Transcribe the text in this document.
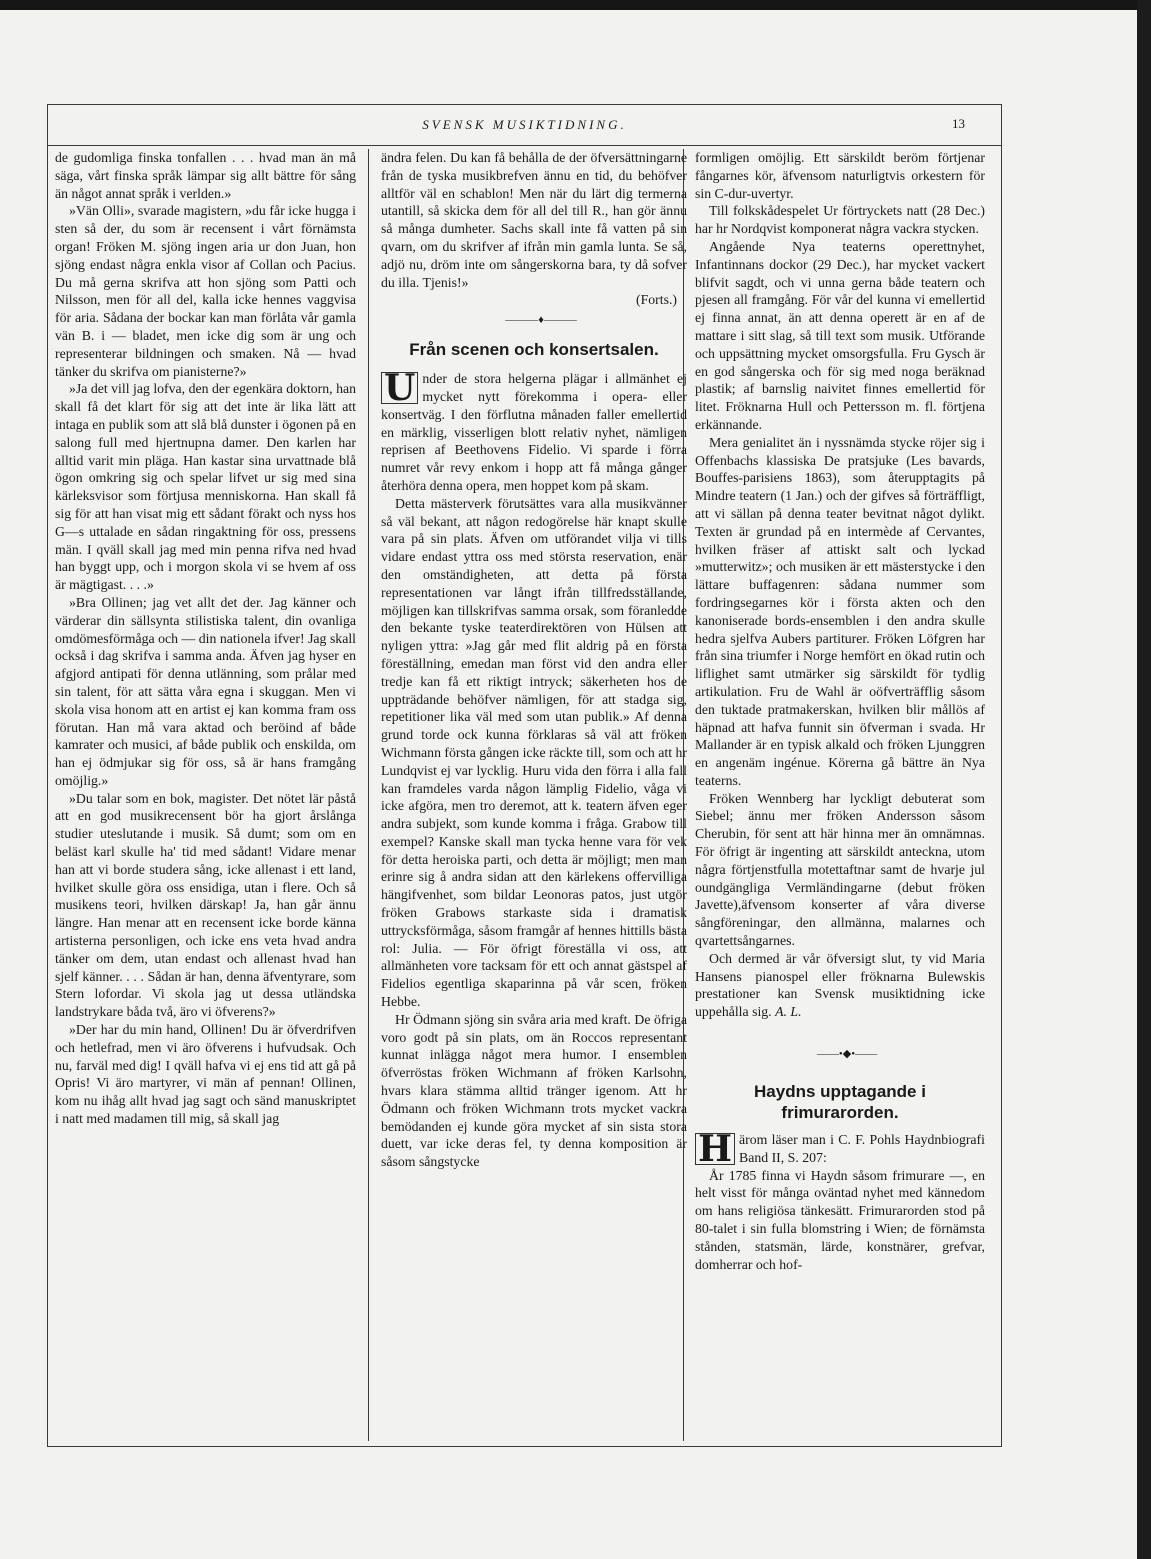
SVENSK MUSIKTIDNING.	13

de gudomliga finska tonfallen . . . hvad man än må säga, vårt finska språk lämpar sig allt bättre för sång än något annat språk i verlden.»

»Vän Olli», svarade magistern, »du får icke hugga i sten så der, du som är recensent i vårt förnämsta organ! Fröken M. sjöng ingen aria ur don Juan, hon sjöng endast några enkla visor af Collan och Pacius. Du må gerna skrifva att hon sjöng som Patti och Nilsson, men för all del, kalla icke hennes vaggvisa för aria. Sådana der bockar kan man förlåta vår gamla vän B. i — bladet, men icke dig som är ung och representerar bildningen och smaken. Nå — hvad tänker du skrifva om pianisterne?»

»Ja det vill jag lofva, den der egenkära doktorn, han skall få det klart för sig att det inte är lika lätt att intaga en publik som att slå blå dunster i ögonen på en salong full med hjertnupna damer. Den karlen har alltid varit min pläga. Han kastar sina urvattnade blå ögon omkring sig och spelar lifvet ur sig med sina kärleksvisor som förtjusa menniskorna. Han skall få sig för att han visat mig ett sådant förakt och nyss hos G—s uttalade en sådan ringaktning för oss, pressens män. I qväll skall jag med min penna rifva ned hvad han byggt upp, och i morgon skola vi se hvem af oss är mägtigast. . . .»

»Bra Ollinen; jag vet allt det der. Jag känner och värderar din sällsynta stilistiska talent, din ovanliga omdömesförmåga och — din nationela ifver! Jag skall också i dag skrifva i samma anda. Äfven jag hyser en afgjord antipati för denna utlänning, som prålar med sin talent, för att sätta våra egna i skuggan. Men vi skola visa honom att en artist ej kan komma fram oss förutan. Han må vara aktad och beröind af både kamrater och musici, af både publik och enskilda, om han ej ödmjukar sig för oss, så är hans framgång omöjlig.»

»Du talar som en bok, magister. Det nötet lär påstå att en god musikrecensent bör ha gjort årslånga studier uteslutande i musik. Så dumt; som om en beläst karl skulle ha' tid med sådant! Vidare menar han att vi borde studera sång, icke allenast i ett land, hvilket skulle göra oss ensidiga, utan i flere. Och så musikens teori, hvilken därskap! Ja, han går ännu längre. Han menar att en recensent icke borde känna artisterna personligen, och icke ens veta hvad andra tänker om dem, utan endast och allenast hvad han sjelf känner. . . . Sådan är han, denna äfventyrare, som Stern lofordar. Vi skola jag ut dessa utländska landstrykare båda två, äro vi öfverens?»

»Der har du min hand, Ollinen! Du är öfverdrifven och hetlefrad, men vi äro öfverens i hufvudsak. Och nu, farväl med dig! I qväll hafva vi ej ens tid att gå på Opris! Vi äro martyrer, vi män af pennan! Ollinen, kom nu ihåg allt hvad jag sagt och sänd manuskriptet i natt med madamen till mig, så skall jag

ändra felen. Du kan få behålla de der öfversättningarne från de tyska musikbrefven ännu en tid, du behöfver alltför väl en schablon! Men när du lärt dig termerna utantill, så skicka dem för all del till R., han gör ännu så många dumheter. Sachs skall inte få vatten på sin qvarn, om du skrifver af ifrån min gamla lunta. Se så, adjö nu, dröm inte om sångerskorna bara, ty då sofver du illa. Tjenis!»

(Forts.)

———♦———

Från scenen och konsertsalen.

U nder de stora helgerna plägar i allmänhet ej mycket nytt förekomma i opera- eller konsertväg. I den förflutna månaden faller emellertid en märklig, visserligen blott relativ nyhet, nämligen reprisen af Beethovens Fidelio. Vi sparde i förra numret vår revy enkom i hopp att få många gånger återhöra denna opera, men hoppet kom på skam.

Detta mästerverk förutsättes vara alla musikvänner så väl bekant, att någon redogörelse här knapt skulle vara på sin plats. Äfven om utförandet vilja vi tills vidare endast yttra oss med största reservation, enär den omständigheten, att detta på första representationen var långt ifrån tillfredsställande, möjligen kan tillskrifvas samma orsak, som föranledde den bekante tyske teaterdirektören von Hülsen att nyligen yttra: »Jag går med flit aldrig på en första föreställning, emedan man först vid den andra eller tredje kan få ett riktigt intryck; säkerheten hos de uppträdande behöfver nämligen, för att stadga sig, repetitioner lika väl med som utan publik.» Af denna grund torde ock kunna förklaras så väl att fröken Wichmann första gången icke räckte till, som och att hr Lundqvist ej var lycklig. Huru vida den förra i alla fall kan framdeles varda någon lämplig Fidelio, våga vi icke afgöra, men tro deremot, att k. teatern äfven eger andra subjekt, som kunde komma i fråga. Grabow till exempel? Kanske skall man tycka henne vara för vek för detta heroiska parti, och detta är möjligt; men man erinre sig å andra sidan att den kärlekens offervilliga hängifvenhet, som bildar Leonoras patos, just utgör fröken Grabows starkaste sida i dramatisk uttrycksförmåga, såsom framgår af hennes hittills bästa rol: Julia. — För öfrigt föreställa vi oss, att allmänheten vore tacksam för ett och annat gästspel af Fidelios egentliga skaparinna på vår scen, fröken Hebbe.

Hr Ödmann sjöng sin svåra aria med kraft. De öfriga voro godt på sin plats, om än Roccos representant kunnat inlägga något mera humor. I ensemblen öfverröstas fröken Wichmann af fröken Karlsohn, hvars klara stämma alltid tränger igenom. Att hr Ödmann och fröken Wichmann trots mycket vackra bemödanden ej kunde göra mycket af sin sista stora duett, var icke deras fel, ty denna komposition är såsom sångstycke

formligen omöjlig. Ett särskildt beröm förtjenar fångarnes kör, äfvensom naturligtvis orkestern för sin C-dur-uvertyr.

Till folkskådespelet Ur förtryckets natt (28 Dec.) har hr Nordqvist komponerat några vackra stycken.

Angående Nya teaterns operettnyhet, Infantinnans dockor (29 Dec.), har mycket vackert blifvit sagdt, och vi unna gerna både teatern och pjesen all framgång. För vår del kunna vi emellertid ej finna annat, än att denna operett är en af de mattare i sitt slag, så till text som musik. Utförande och uppsättning mycket omsorgsfulla. Fru Gysch är en god sångerska och för sig med noga beräknad plastik; af barnslig naivitet finnes emellertid för litet. Fröknarna Hull och Pettersson m. fl. förtjena erkännande.

Mera genialitet än i nyssnämda stycke röjer sig i Offenbachs klassiska De pratsjuke (Les bavards, Bouffes-parisiens 1863), som återupptagits på Mindre teatern (1 Jan.) och der gifves så förträffligt, att vi sällan på denna teater bevitnat något dylikt. Texten är grundad på en intermède af Cervantes, hvilken fräser af attiskt salt och lyckad »mutterwitz»; och musiken är ett mästerstycke i den lättare buffagenren: sådana nummer som fordringsegarnes kör i första akten och den kanoniserade bords-ensemblen i den andra skulle hedra sjelfva Aubers partiturer. Fröken Löfgren har från sina triumfer i Norge hemfört en ökad rutin och liflighet samt utmärker sig särskildt för tydlig artikulation. Fru de Wahl är oöfverträfflig såsom den tuktade pratmakerskan, hvilken blir mållös af häpnad att hafva funnit sin öfverman i svada. Hr Mallander är en typisk alkald och fröken Ljunggren en angenäm ingénue. Körerna gå bättre än Nya teaterns.

Fröken Wennberg har lyckligt debuterat som Siebel; ännu mer fröken Andersson såsom Cherubin, för sent att här hinna mer än omnämnas. För öfrigt är ingenting att särskildt anteckna, utom några förtjenstfulla motettaftnar samt de hvarje jul oundgängliga Vermländingarne (debut fröken Javette),äfvensom konserter af våra diverse sångföreningar, den allmänna, malarnes och qvartettsångarnes.

Och dermed är vår öfversigt slut, ty vid Maria Hansens pianospel eller fröknarna Bulewskis prestationer kan Svensk musiktidning icke uppehålla sig. A. L.

——•◆•——

Haydns upptagande i frimurarorden.

H ärom läser man i C. F. Pohls Haydnbiografi Band II, S. 207:

År 1785 finna vi Haydn såsom frimurare —, en helt visst för många oväntad nyhet med kännedom om hans religiösa tänkesätt. Frimurarorden stod på 80-talet i sin fulla blomstring i Wien; de förnämsta stånden, statsmän, lärde, konstnärer, grefvar, domherrar och hof-
